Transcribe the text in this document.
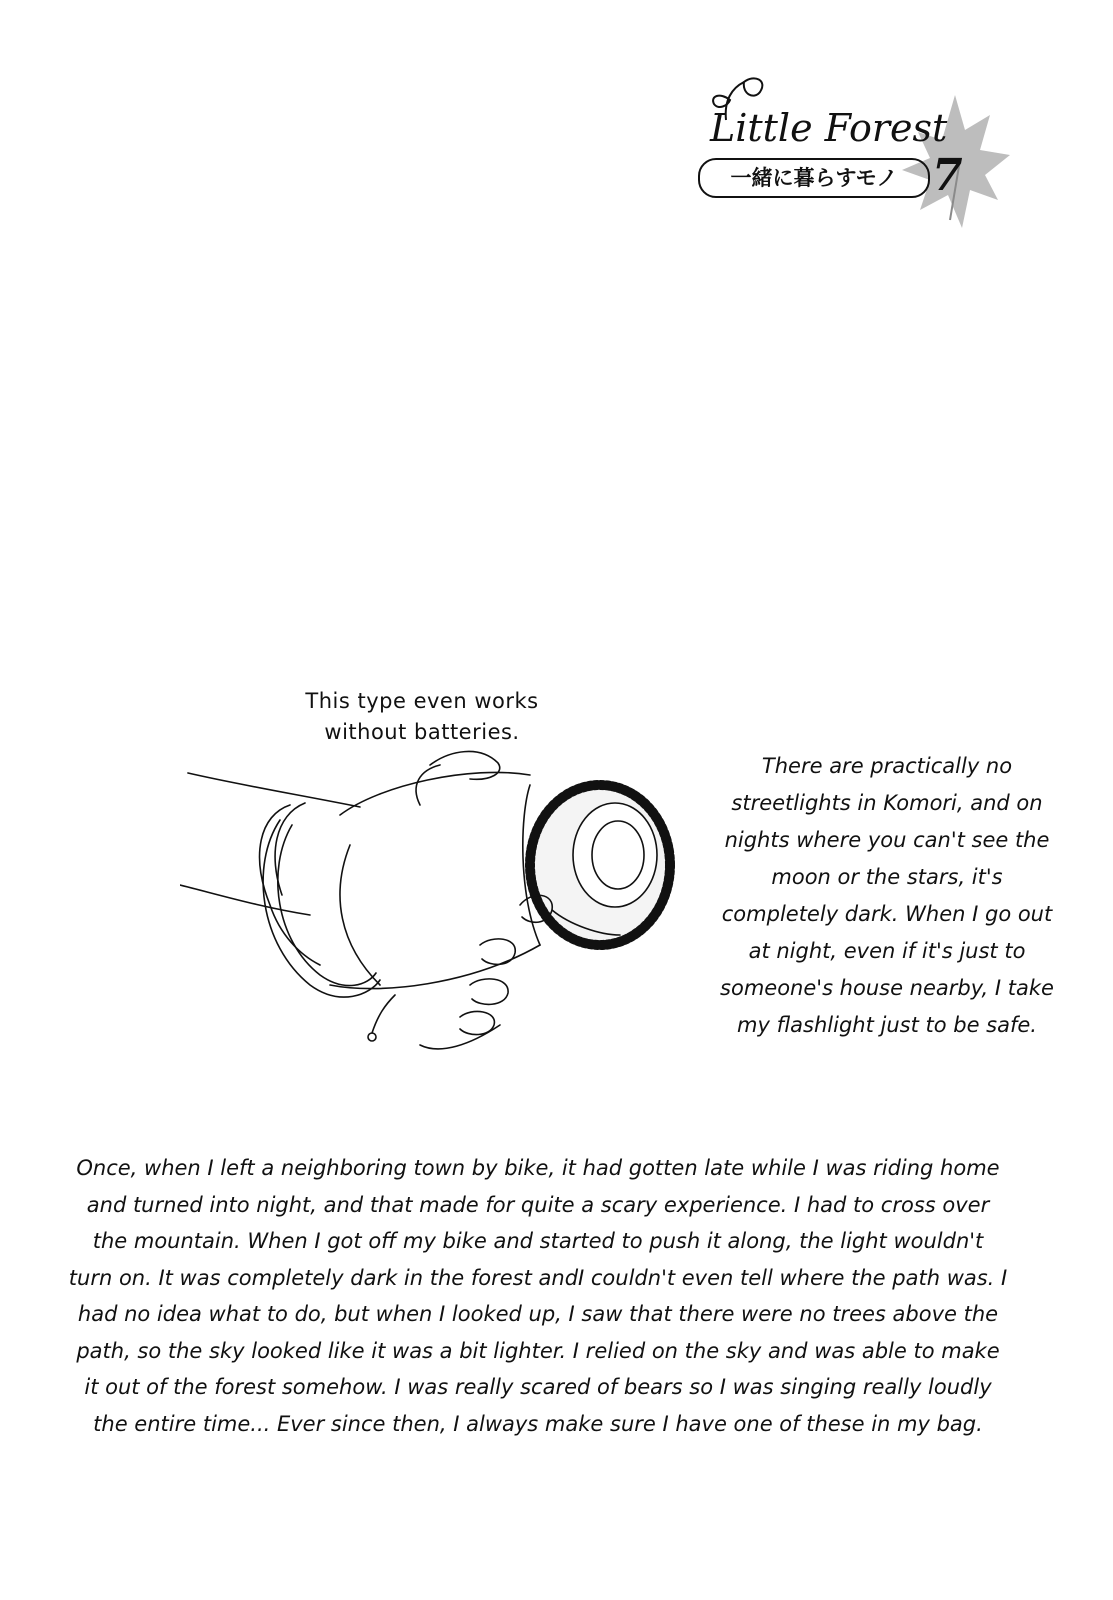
Little Forest
一緒に暮らすモノ 7
This type even works without batteries.
There are practically no streetlights in Komori, and on nights where you can't see the moon or the stars, it's completely dark. When I go out at night, even if it's just to someone's house nearby, I take my flashlight just to be safe.
Once, when I left a neighboring town by bike, it had gotten late while I was riding home and turned into night, and that made for quite a scary experience. I had to cross over the mountain. When I got off my bike and started to push it along, the light wouldn't turn on. It was completely dark in the forest andI couldn't even tell where the path was. I had no idea what to do, but when I looked up, I saw that there were no trees above the path, so the sky looked like it was a bit lighter. I relied on the sky and was able to make it out of the forest somehow. I was really scared of bears so I was singing really loudly the entire time... Ever since then, I always make sure I have one of these in my bag.
